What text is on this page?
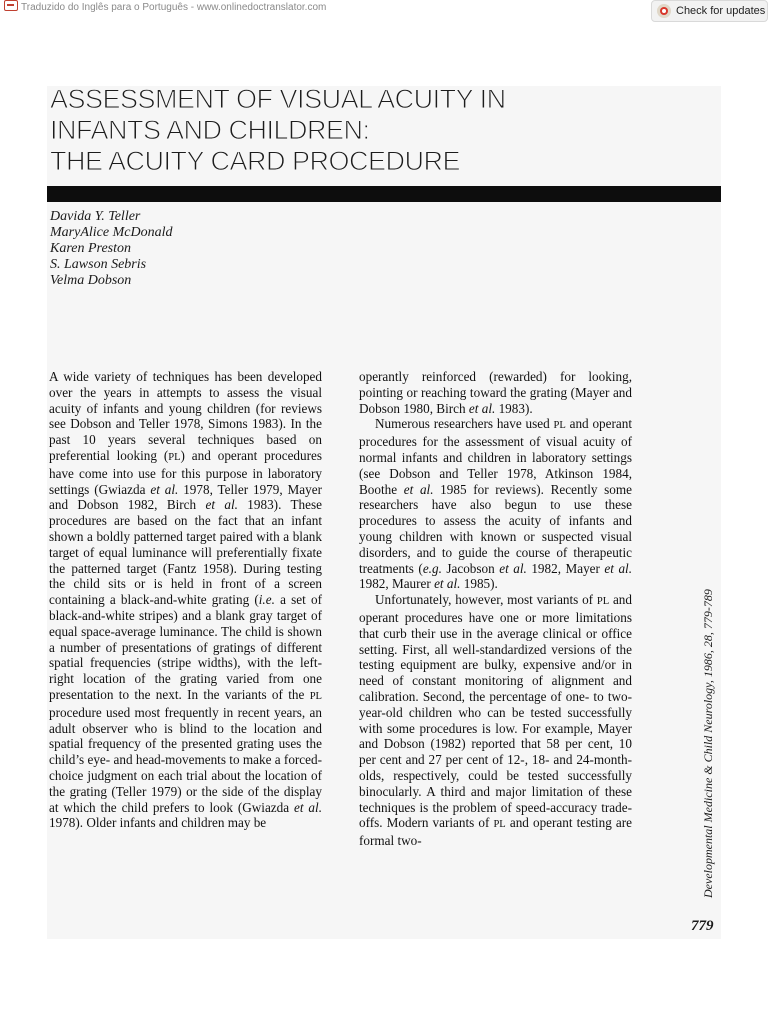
Traduzido do Inglês para o Português - www.onlinedoctranslator.com	Check for updates
ASSESSMENT OF VISUAL ACUITY IN
INFANTS AND CHILDREN:
THE ACUITY CARD PROCEDURE
Davida Y. Teller
MaryAlice McDonald
Karen Preston
S. Lawson Sebris
Velma Dobson

A wide variety of techniques has been developed over the years in attempts to assess the visual acuity of infants and young children (for reviews see Dobson and Teller 1978, Simons 1983). In the past 10 years several techniques based on preferential looking (PL) and operant procedures have come into use for this purpose in laboratory settings (Gwiazda et al. 1978, Teller 1979, Mayer and Dobson 1982, Birch et al. 1983). These procedures are based on the fact that an infant shown a boldly patterned target paired with a blank target of equal luminance will preferentially fixate the patterned target (Fantz 1958). During testing the child sits or is held in front of a screen containing a black-and-white grating (i.e. a set of black-and-white stripes) and a blank gray target of equal space-average luminance. The child is shown a number of presentations of gratings of different spatial frequencies (stripe widths), with the left-right location of the grating varied from one presentation to the next. In the variants of the PL procedure used most frequently in recent years, an adult observer who is blind to the location and spatial frequency of the presented grating uses the child’s eye- and head-movements to make a forced-choice judgment on each trial about the location of the grating (Teller 1979) or the side of the display at which the child prefers to look (Gwiazda et al. 1978). Older infants and children may be

operantly reinforced (rewarded) for looking, pointing or reaching toward the grating (Mayer and Dobson 1980, Birch et al. 1983).

Numerous researchers have used PL and operant procedures for the assessment of visual acuity of normal infants and children in laboratory settings (see Dobson and Teller 1978, Atkinson 1984, Boothe et al. 1985 for reviews). Recently some researchers have also begun to use these procedures to assess the acuity of infants and young children with known or suspected visual disorders, and to guide the course of therapeutic treatments (e.g. Jacobson et al. 1982, Mayer et al. 1982, Maurer et al. 1985).

Unfortunately, however, most variants of PL and operant procedures have one or more limitations that curb their use in the average clinical or office setting. First, all well-standardized versions of the testing equipment are bulky, expensive and/or in need of constant monitoring of alignment and calibration. Second, the percentage of one- to two-year-old children who can be tested successfully with some procedures is low. For example, Mayer and Dobson (1982) reported that 58 per cent, 10 per cent and 27 per cent of 12-, 18- and 24-month-olds, respectively, could be tested successfully binocularly. A third and major limitation of these techniques is the problem of speed-accuracy trade-offs. Modern variants of PL and operant testing are formal two-	Developmental Medicine & Child Neurology, 1986, 28, 779-789
779
